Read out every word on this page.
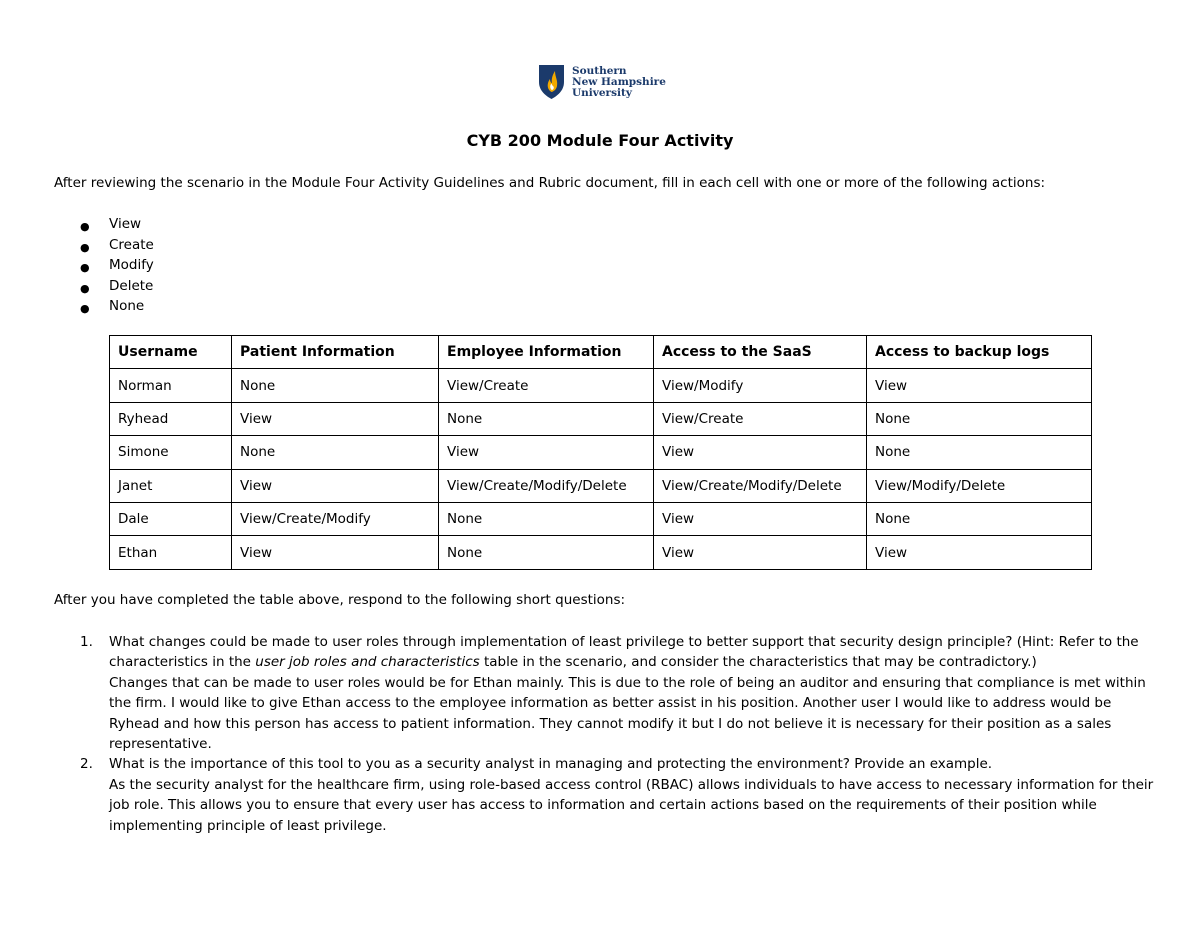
Southern
New Hampshire
University
CYB 200 Module Four Activity
After reviewing the scenario in the Module Four Activity Guidelines and Rubric document, fill in each cell with one or more of the following actions:
● View
● Create
● Modify
● Delete
● None
Username	Patient Information	Employee Information	Access to the SaaS	Access to backup logs
Norman	None	View/Create	View/Modify	View
Ryhead	View	None	View/Create	None
Simone	None	View	View	None
Janet	View	View/Create/Modify/Delete	View/Create/Modify/Delete	View/Modify/Delete
Dale	View/Create/Modify	None	View	None
Ethan	View	None	View	View
After you have completed the table above, respond to the following short questions:
1. What changes could be made to user roles through implementation of least privilege to better support that security design principle? (Hint: Refer to the
characteristics in the user job roles and characteristics table in the scenario, and consider the characteristics that may be contradictory.)
Changes that can be made to user roles would be for Ethan mainly. This is due to the role of being an auditor and ensuring that compliance is met within
the firm. I would like to give Ethan access to the employee information as better assist in his position. Another user I would like to address would be
Ryhead and how this person has access to patient information. They cannot modify it but I do not believe it is necessary for their position as a sales
representative.
2. What is the importance of this tool to you as a security analyst in managing and protecting the environment? Provide an example.
As the security analyst for the healthcare firm, using role-based access control (RBAC) allows individuals to have access to necessary information for their
job role. This allows you to ensure that every user has access to information and certain actions based on the requirements of their position while
implementing principle of least privilege.
